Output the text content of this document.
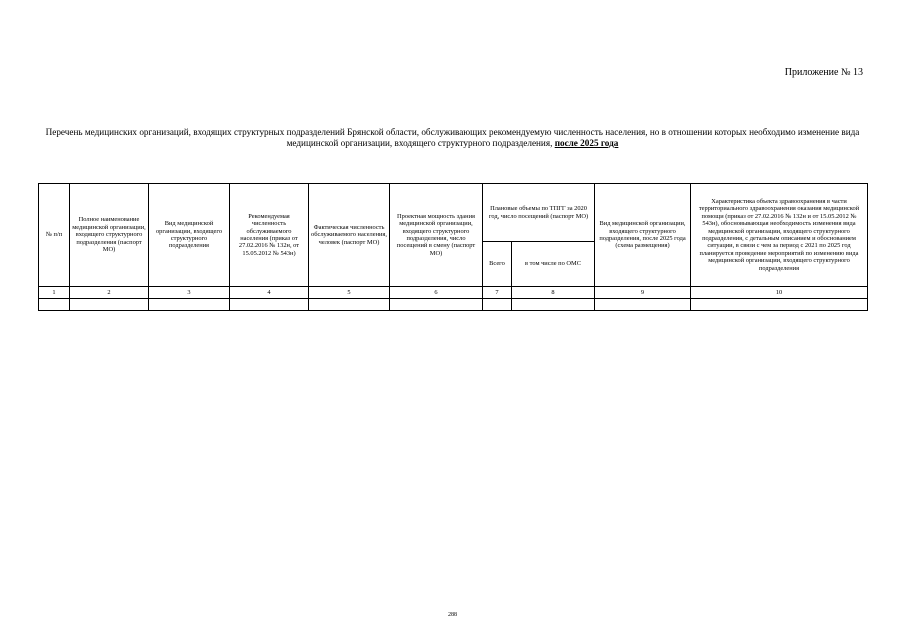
Приложение № 13
Перечень медицинских организаций, входящих структурных подразделений Брянской области, обслуживающих рекомендуемую численность населения, но в отношении которых необходимо изменение вида медицинской организации, входящего структурного подразделения, после 2025 года
№ п/п	Полное наименование медицинской организации, входящего структурного подразделения (паспорт МО)	Вид медицинской организации, входящего структурного подразделения	Рекомендуемая численность обслуживаемого населения (приказ от 27.02.2016 № 132н, от 15.05.2012 № 543н)	Фактическая численность обслуживаемого населения, человек (паспорт МО)	Проектная мощность здания медицинской организации, входящего структурного подразделения, число посещений в смену (паспорт МО)	Плановые объемы по ТПГГ за 2020 год, число посещений (паспорт МО)		Вид медицинской организации, входящего структурного подразделения, после 2025 года (схема размещения)	Характеристика объекта здравоохранения в части территориального здравоохранения оказания медицинской помощи (приказ от 27.02.2016 № 132н и от 15.05.2012 № 543н), обосновывающая необходимость изменения вида медицинской организации, входящего структурного подразделения, с детальным описанием и обоснованием ситуации, в связи с чем за период с 2021 по 2025 год планируется проведение мероприятий по изменению вида медицинской организации, входящего структурного подразделения
						Всего	в том числе по ОМС		
1	2	3	4	5	6	7	8	9	10

288
